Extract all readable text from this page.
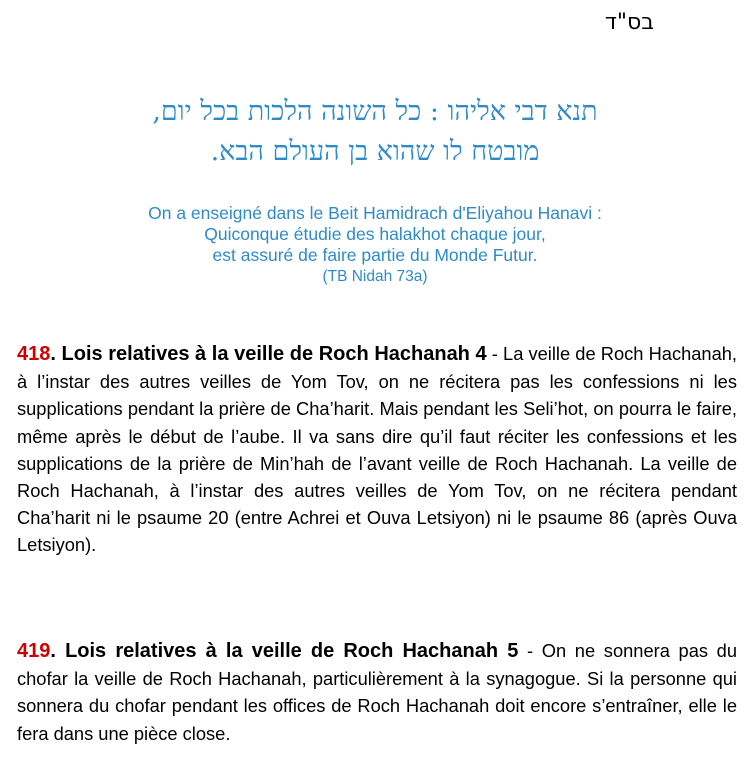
בס"ד
תנא דבי אליהו : כל השונה הלכות בכל יום,
מובטח לו שהוא בן העולם הבא.
On a enseigné dans le Beit Hamidrach d'Eliyahou Hanavi :
Quiconque étudie des halakhot chaque jour,
est assuré de faire partie du Monde Futur.
(TB Nidah 73a)
418. Lois relatives à la veille de Roch Hachanah 4 - La veille de Roch Hachanah, à l’instar des autres veilles de Yom Tov, on ne récitera pas les confessions ni les supplications pendant la prière de Cha’harit. Mais pendant les Seli’hot, on pourra le faire, même après le début de l’aube. Il va sans dire qu’il faut réciter les confessions et les supplications de la prière de Min’hah de l’avant veille de Roch Hachanah. La veille de Roch Hachanah, à l’instar des autres veilles de Yom Tov, on ne récitera pendant Cha’harit ni le psaume 20 (entre Achrei et Ouva Letsiyon) ni le psaume 86 (après Ouva Letsiyon).
419. Lois relatives à la veille de Roch Hachanah 5 - On ne sonnera pas du chofar la veille de Roch Hachanah, particulièrement à la synagogue. Si la personne qui sonnera du chofar pendant les offices de Roch Hachanah doit encore s’entraîner, elle le fera dans une pièce close.
